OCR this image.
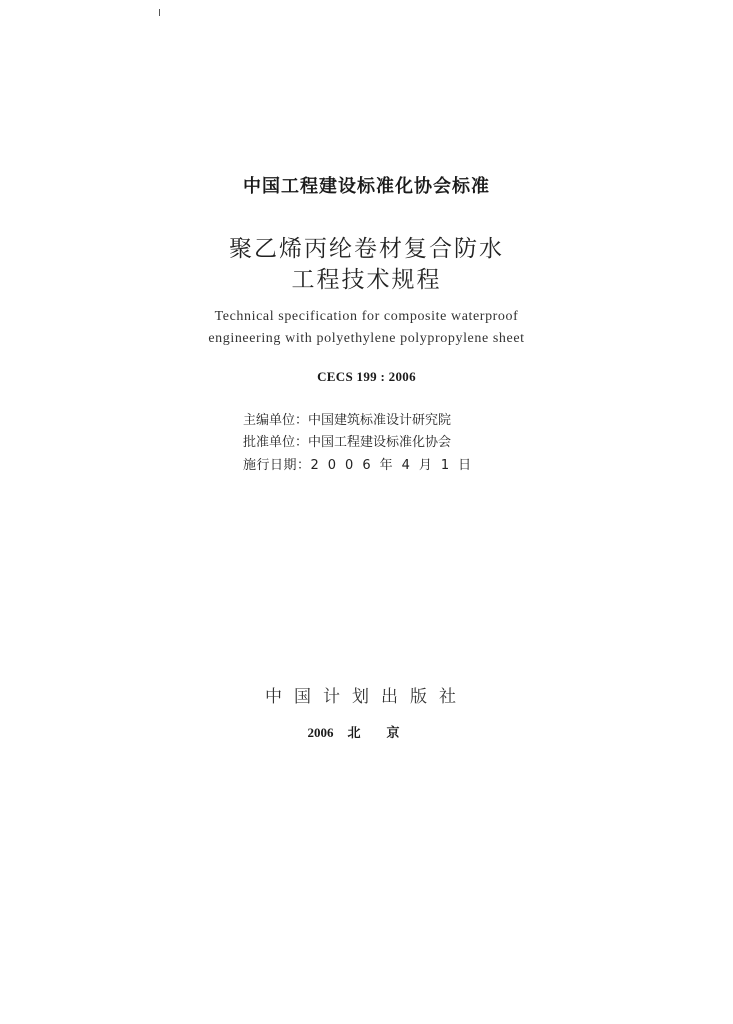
中国工程建设标准化协会标准
聚乙烯丙纶卷材复合防水
工程技术规程
Technical specification for composite waterproof
engineering with polyethylene polypropylene sheet
CECS 199 : 2006
主编单位：中国建筑标准设计研究院
批准单位：中国工程建设标准化协会
施行日期：2006年4月1日
中国计划出版社
2006 北京
